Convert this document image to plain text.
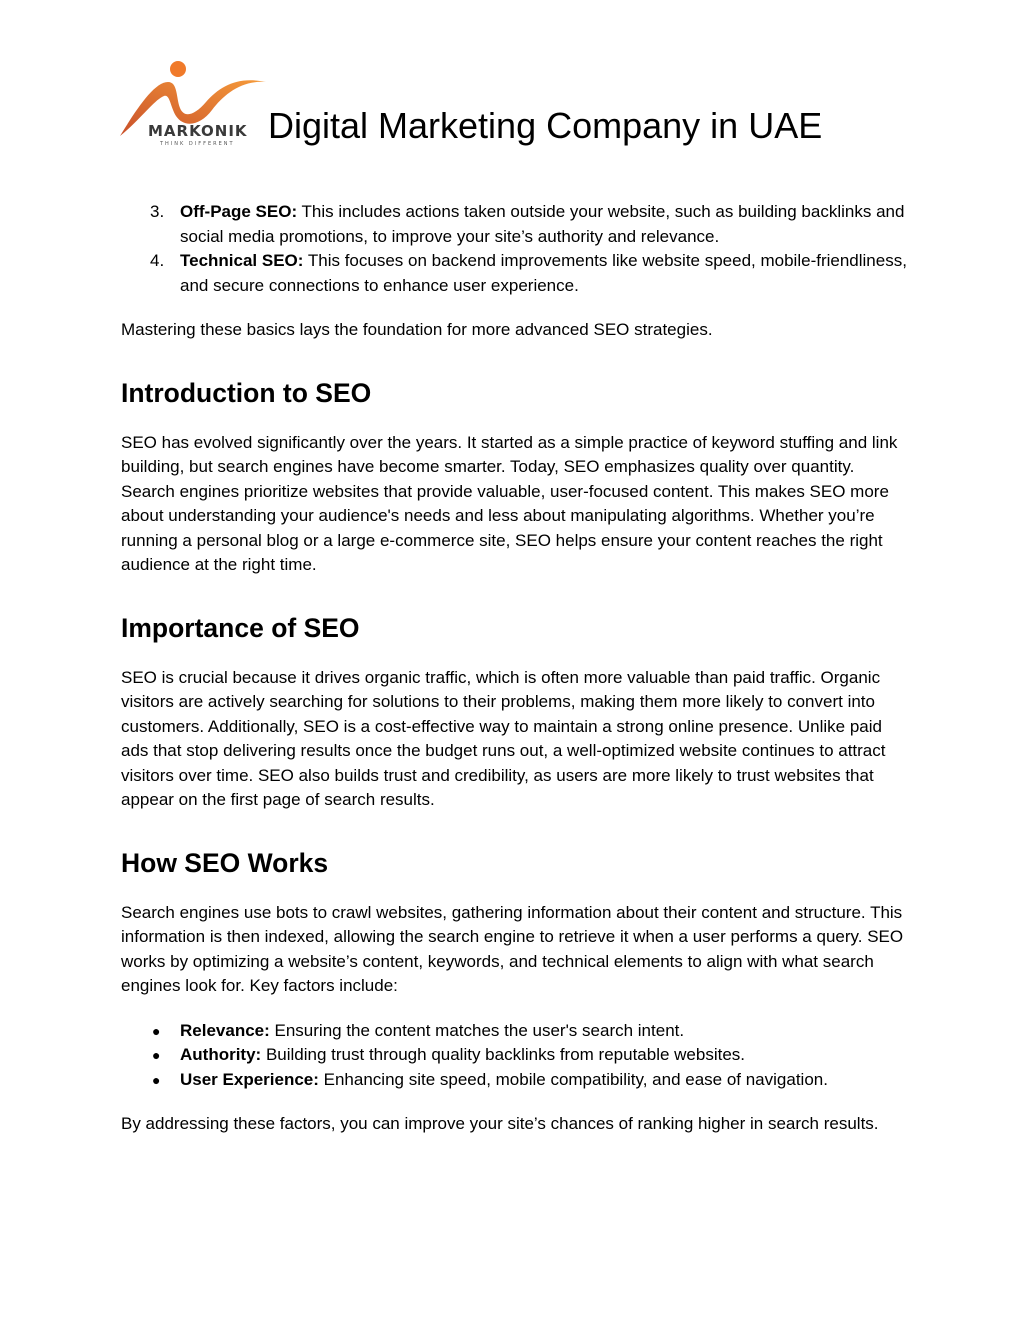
MARKONIK
THINK DIFFERENT Digital Marketing Company in UAE
3. Off-Page SEO: This includes actions taken outside your website, such as building backlinks and social media promotions, to improve your site’s authority and relevance.
4. Technical SEO: This focuses on backend improvements like website speed, mobile-friendliness, and secure connections to enhance user experience.

Mastering these basics lays the foundation for more advanced SEO strategies.

Introduction to SEO

SEO has evolved significantly over the years. It started as a simple practice of keyword stuffing and link building, but search engines have become smarter. Today, SEO emphasizes quality over quantity. Search engines prioritize websites that provide valuable, user-focused content. This makes SEO more about understanding your audience's needs and less about manipulating algorithms. Whether you’re running a personal blog or a large e-commerce site, SEO helps ensure your content reaches the right audience at the right time.

Importance of SEO

SEO is crucial because it drives organic traffic, which is often more valuable than paid traffic. Organic visitors are actively searching for solutions to their problems, making them more likely to convert into customers. Additionally, SEO is a cost-effective way to maintain a strong online presence. Unlike paid ads that stop delivering results once the budget runs out, a well-optimized website continues to attract visitors over time. SEO also builds trust and credibility, as users are more likely to trust websites that appear on the first page of search results.

How SEO Works

Search engines use bots to crawl websites, gathering information about their content and structure. This information is then indexed, allowing the search engine to retrieve it when a user performs a query. SEO works by optimizing a website’s content, keywords, and technical elements to align with what search engines look for. Key factors include:

● Relevance: Ensuring the content matches the user's search intent.
● Authority: Building trust through quality backlinks from reputable websites.
● User Experience: Enhancing site speed, mobile compatibility, and ease of navigation.

By addressing these factors, you can improve your site’s chances of ranking higher in search results.
